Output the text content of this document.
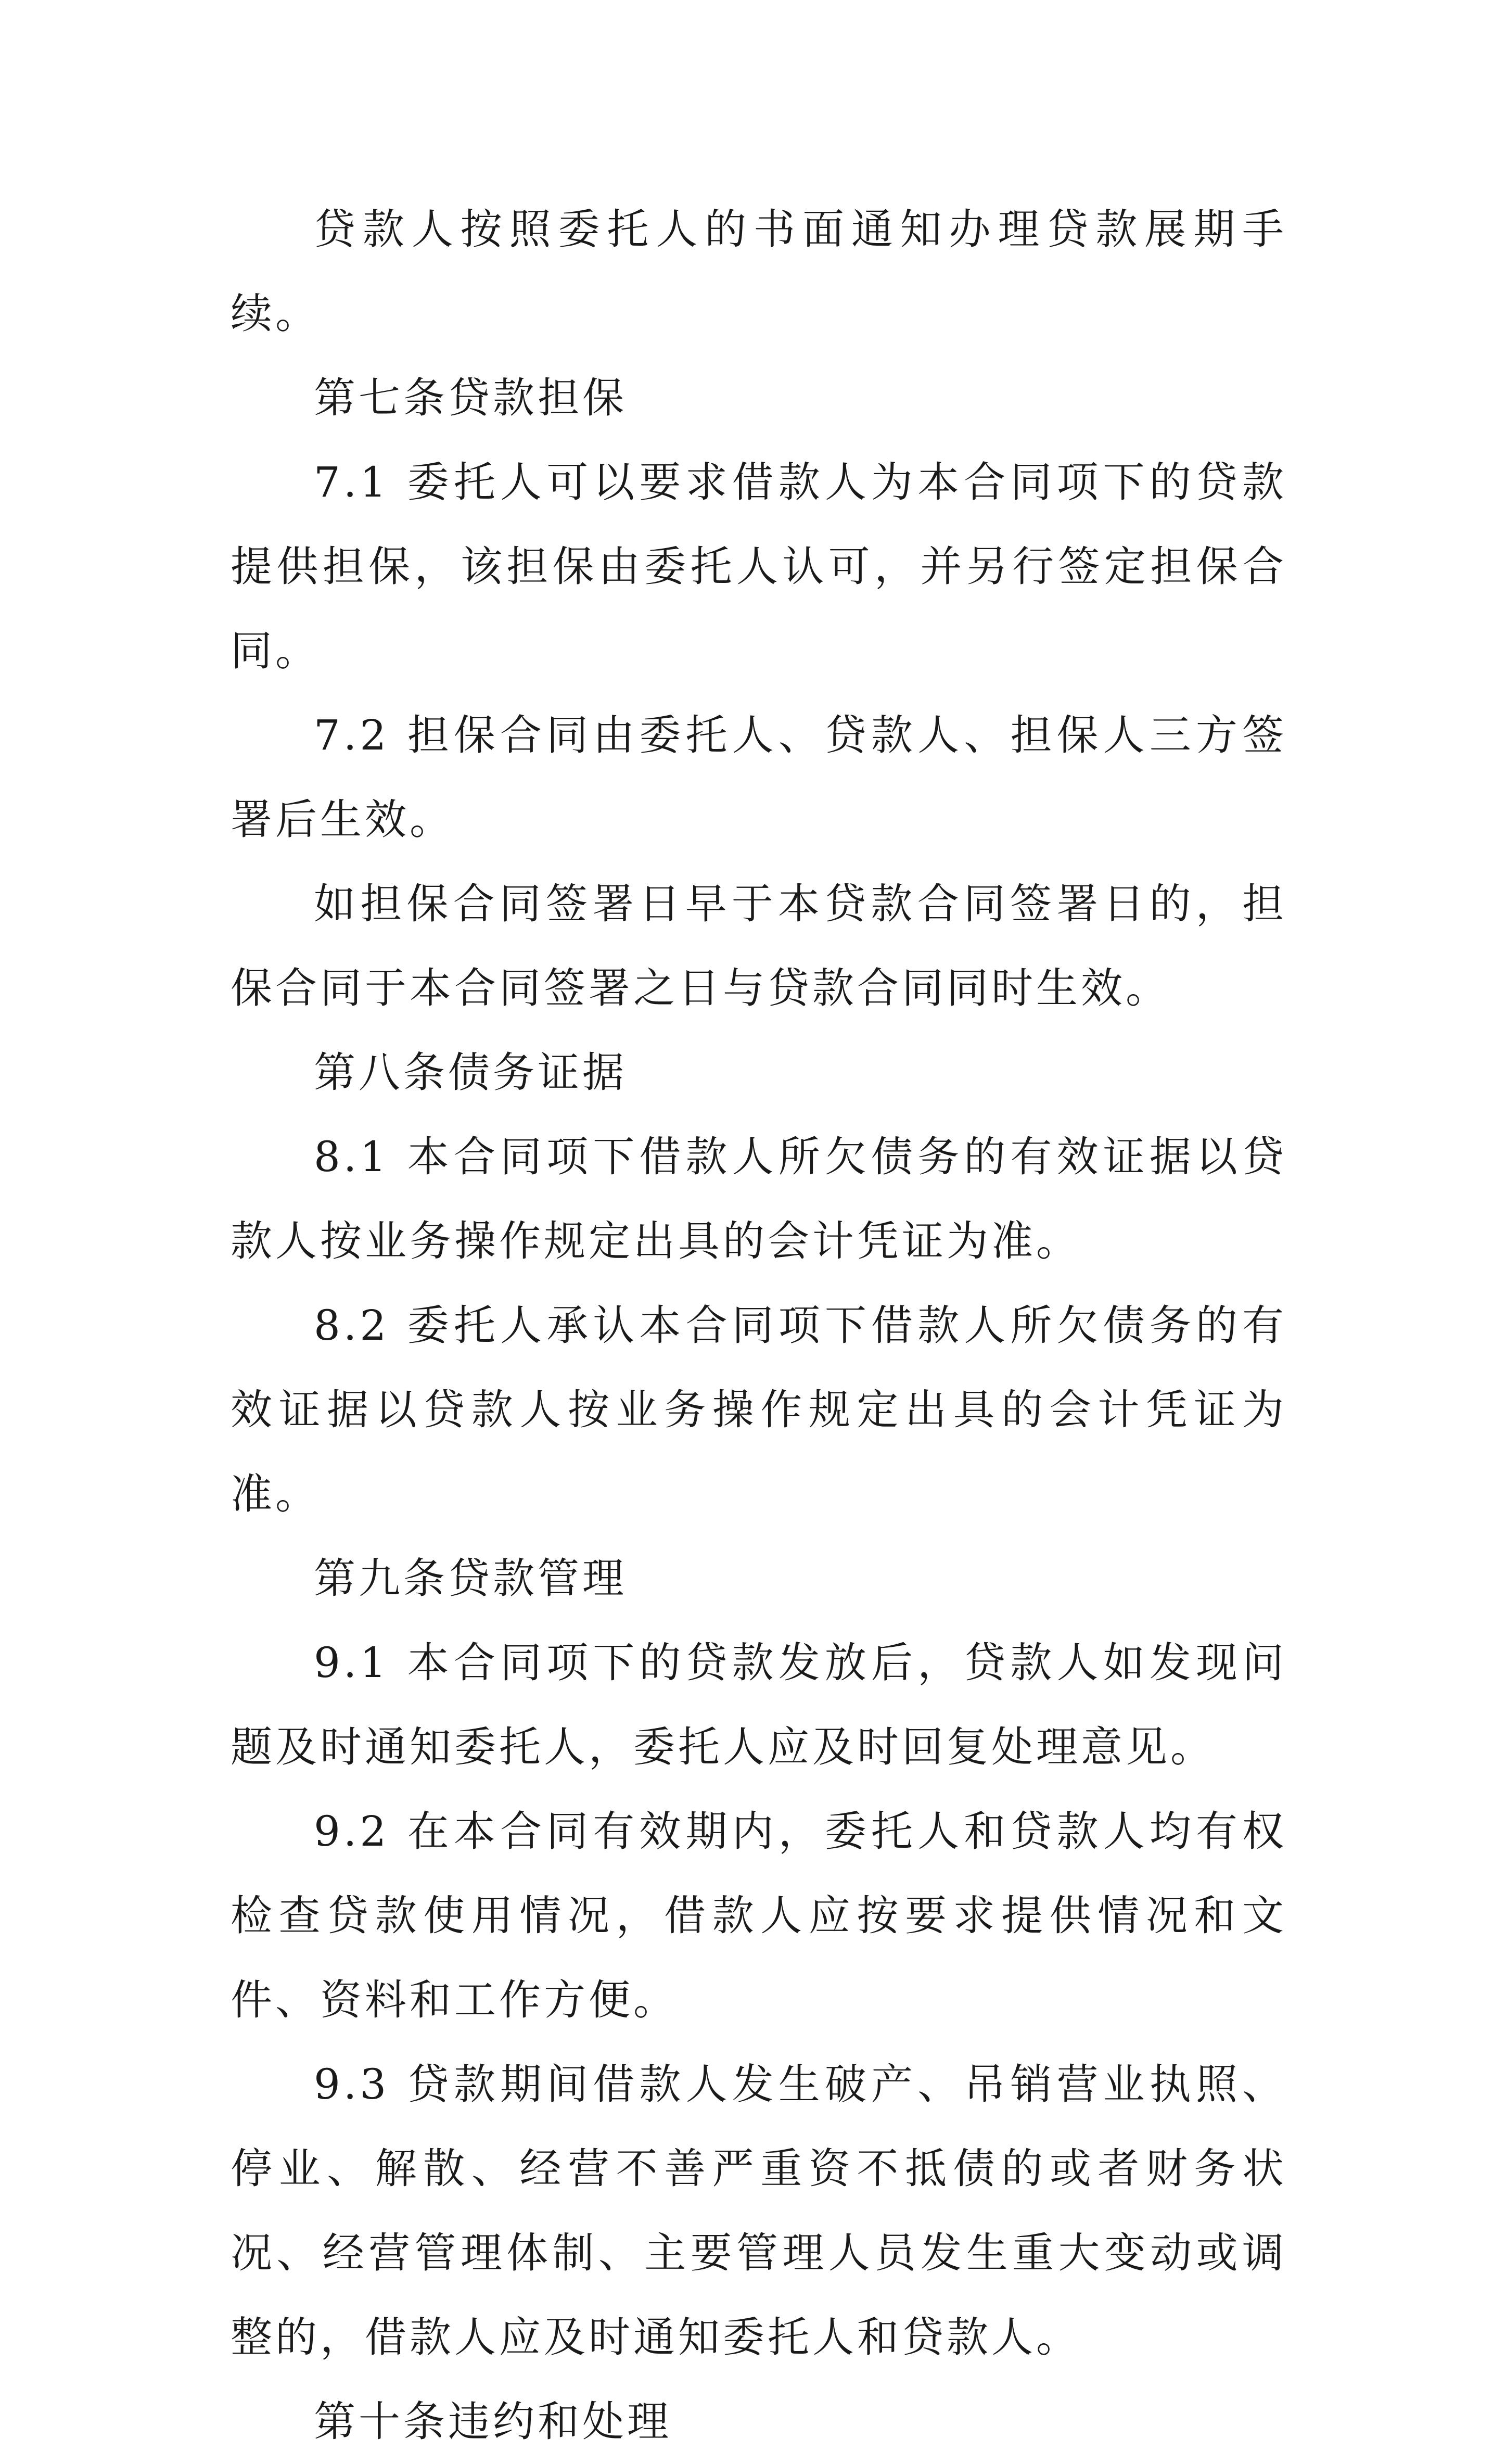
贷款人按照委托人的书面通知办理贷款展期手续。

第七条贷款担保

7.1 委托人可以要求借款人为本合同项下的贷款提供担保，该担保由委托人认可，并另行签定担保合同。

7.2 担保合同由委托人、贷款人、担保人三方签署后生效。

如担保合同签署日早于本贷款合同签署日的，担保合同于本合同签署之日与贷款合同同时生效。

第八条债务证据

8.1 本合同项下借款人所欠债务的有效证据以贷款人按业务操作规定出具的会计凭证为准。

8.2 委托人承认本合同项下借款人所欠债务的有效证据以贷款人按业务操作规定出具的会计凭证为准。

第九条贷款管理

9.1 本合同项下的贷款发放后，贷款人如发现问题及时通知委托人，委托人应及时回复处理意见。

9.2 在本合同有效期内，委托人和贷款人均有权检查贷款使用情况，借款人应按要求提供情况和文件、资料和工作方便。

9.3 贷款期间借款人发生破产、吊销营业执照、停业、解散、经营不善严重资不抵债的或者财务状况、经营管理体制、主要管理人员发生重大变动或调整的，借款人应及时通知委托人和贷款人。

第十条违约和处理
